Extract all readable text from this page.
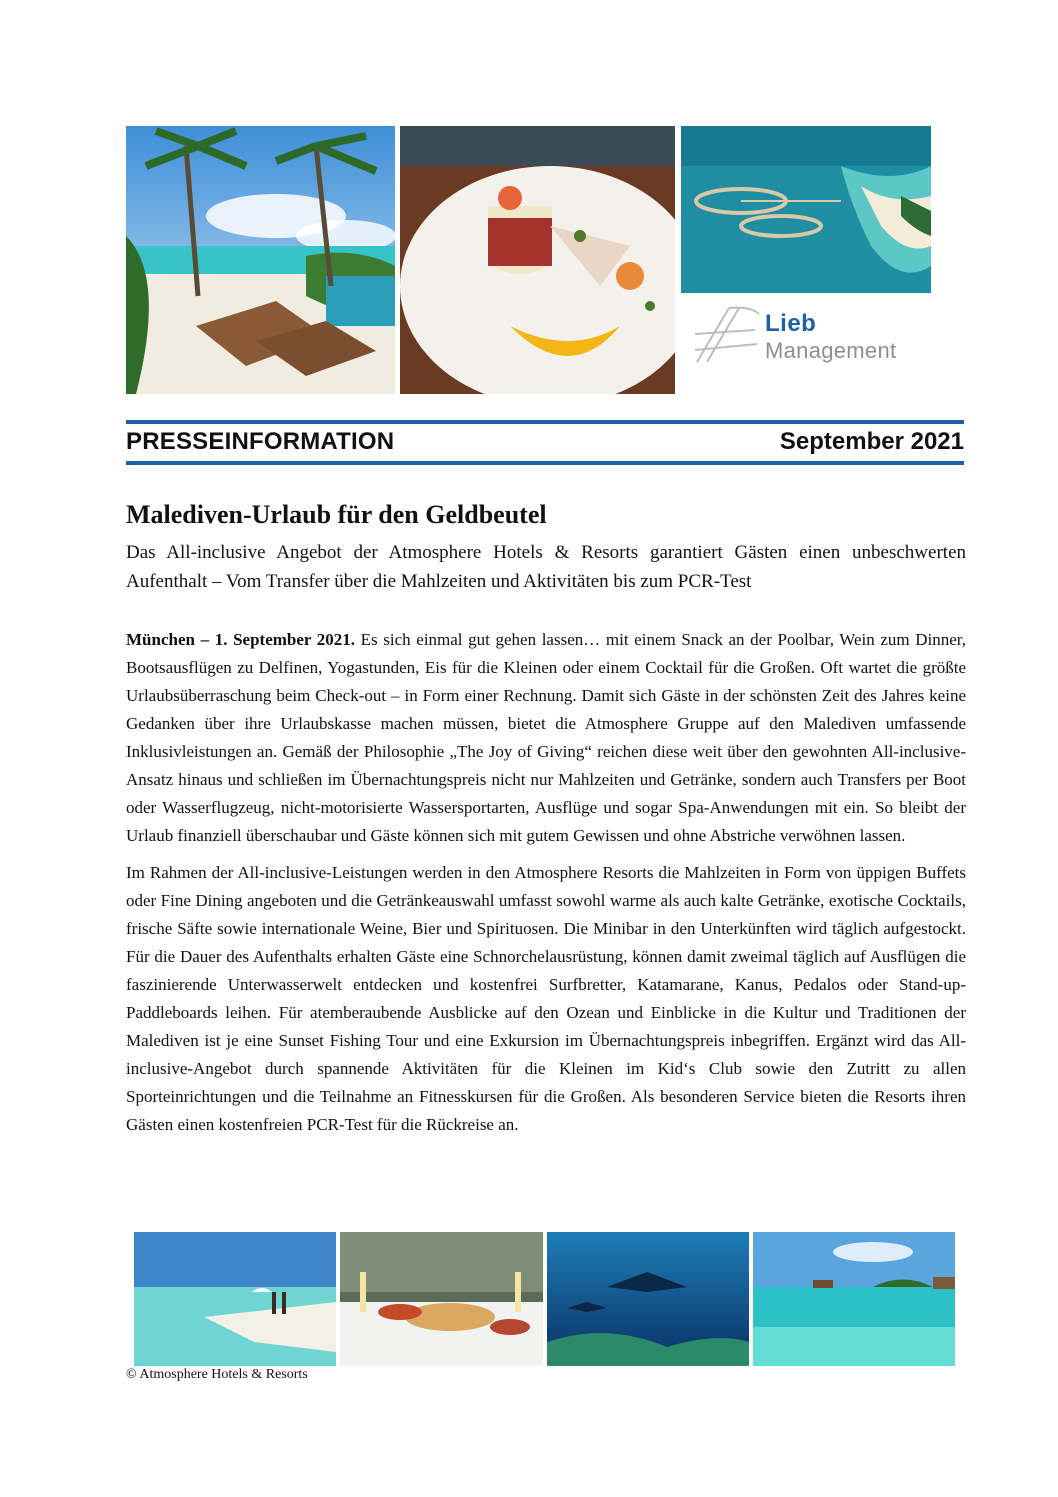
Lieb
Management
PRESSEINFORMATION	September 2021
Malediven-Urlaub für den Geldbeutel
Das All-inclusive Angebot der Atmosphere Hotels & Resorts garantiert Gästen einen unbeschwerten Aufenthalt – Vom Transfer über die Mahlzeiten und Aktivitäten bis zum PCR-Test

München – 1. September 2021. Es sich einmal gut gehen lassen… mit einem Snack an der Poolbar, Wein zum Dinner, Bootsausflügen zu Delfinen, Yogastunden, Eis für die Kleinen oder einem Cocktail für die Großen. Oft wartet die größte Urlaubsüberraschung beim Check-out – in Form einer Rechnung. Damit sich Gäste in der schönsten Zeit des Jahres keine Gedanken über ihre Urlaubskasse machen müssen, bietet die Atmosphere Gruppe auf den Malediven umfassende Inklusivleistungen an. Gemäß der Philosophie „The Joy of Giving“ reichen diese weit über den gewohnten All-inclusive-Ansatz hinaus und schließen im Übernachtungspreis nicht nur Mahlzeiten und Getränke, sondern auch Transfers per Boot oder Wasserflugzeug, nicht-motorisierte Wassersportarten, Ausflüge und sogar Spa-Anwendungen mit ein. So bleibt der Urlaub finanziell überschaubar und Gäste können sich mit gutem Gewissen und ohne Abstriche verwöhnen lassen.

Im Rahmen der All-inclusive-Leistungen werden in den Atmosphere Resorts die Mahlzeiten in Form von üppigen Buffets oder Fine Dining angeboten und die Getränkeauswahl umfasst sowohl warme als auch kalte Getränke, exotische Cocktails, frische Säfte sowie internationale Weine, Bier und Spirituosen. Die Minibar in den Unterkünften wird täglich aufgestockt. Für die Dauer des Aufenthalts erhalten Gäste eine Schnorchelausrüstung, können damit zweimal täglich auf Ausflügen die faszinierende Unterwasserwelt entdecken und kostenfrei Surfbretter, Katamarane, Kanus, Pedalos oder Stand-up-Paddleboards leihen. Für atemberaubende Ausblicke auf den Ozean und Einblicke in die Kultur und Traditionen der Malediven ist je eine Sunset Fishing Tour und eine Exkursion im Übernachtungspreis inbegriffen. Ergänzt wird das All-inclusive-Angebot durch spannende Aktivitäten für die Kleinen im Kid‘s Club sowie den Zutritt zu allen Sporteinrichtungen und die Teilnahme an Fitnesskursen für die Großen. Als besonderen Service bieten die Resorts ihren Gästen einen kostenfreien PCR-Test für die Rückreise an.

© Atmosphere Hotels & Resorts
